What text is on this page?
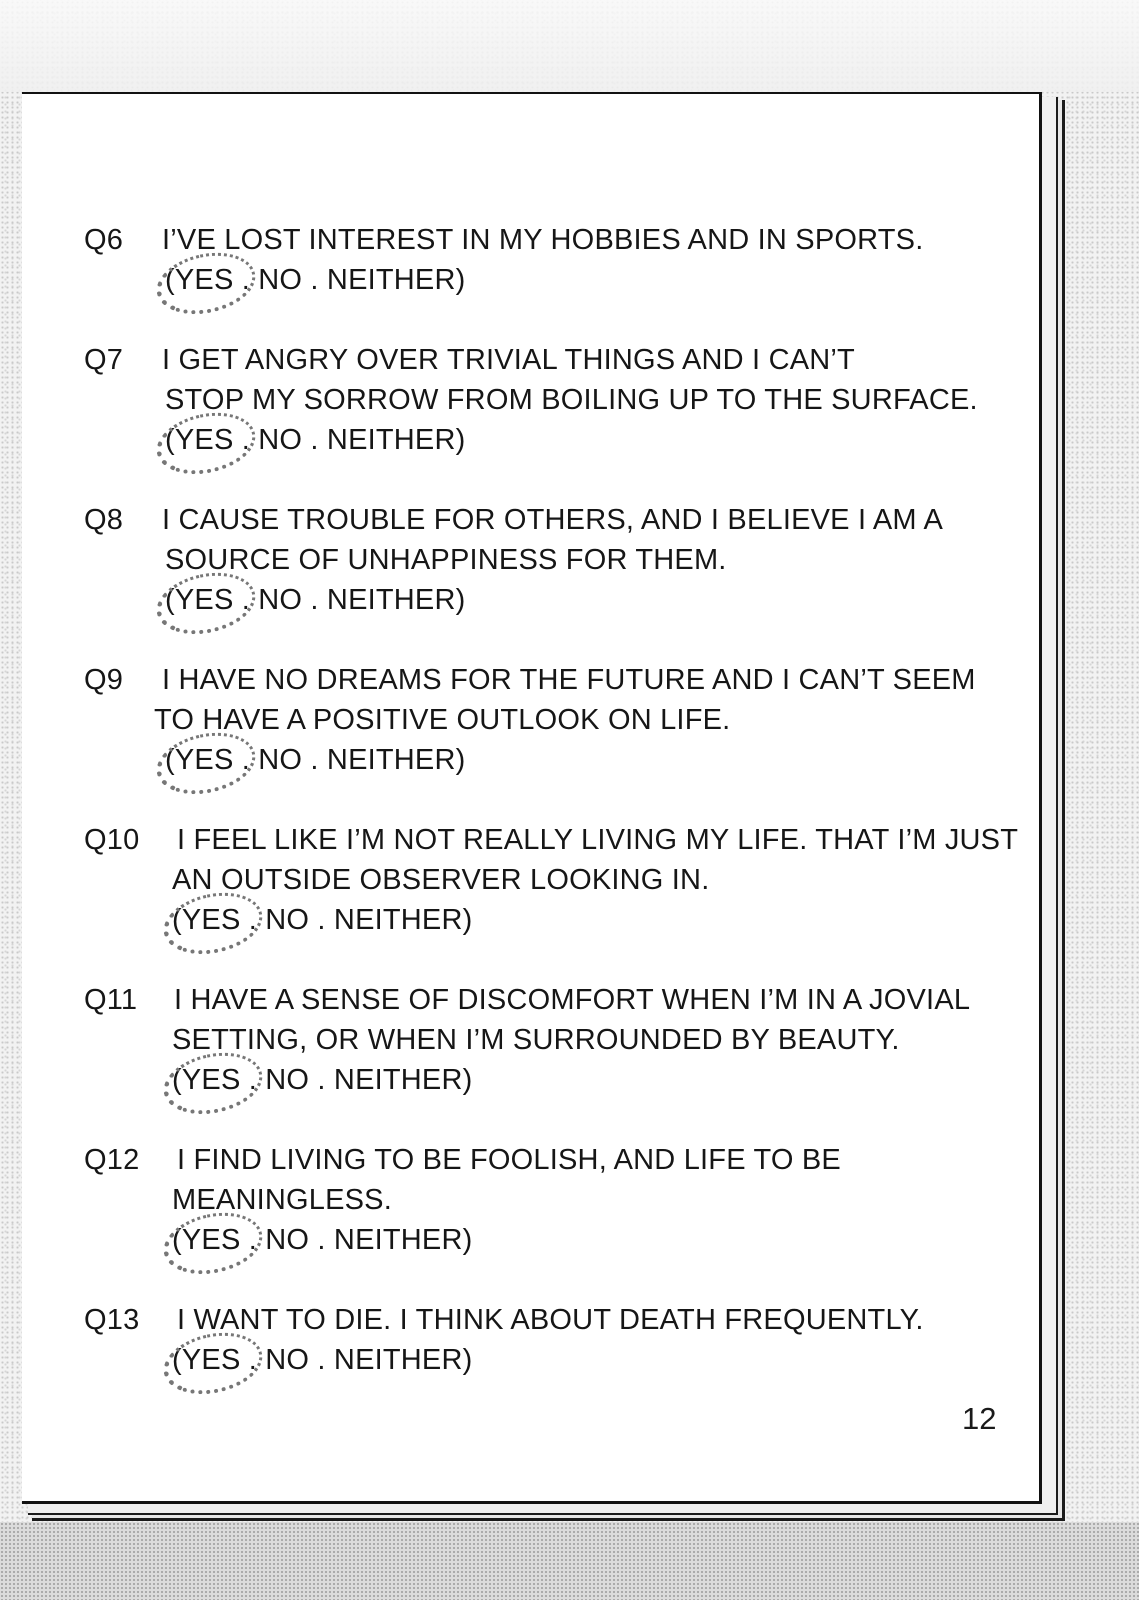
Q6 I’VE LOST INTEREST IN MY HOBBIES AND IN SPORTS.
(YES . NO . NEITHER)
Q7 I GET ANGRY OVER TRIVIAL THINGS AND I CAN’T
STOP MY SORROW FROM BOILING UP TO THE SURFACE.
(YES . NO . NEITHER)
Q8 I CAUSE TROUBLE FOR OTHERS, AND I BELIEVE I AM A
SOURCE OF UNHAPPINESS FOR THEM.
(YES . NO . NEITHER)
Q9 I HAVE NO DREAMS FOR THE FUTURE AND I CAN’T SEEM
TO HAVE A POSITIVE OUTLOOK ON LIFE.
(YES . NO . NEITHER)
Q10 I FEEL LIKE I’M NOT REALLY LIVING MY LIFE. THAT I’M JUST
AN OUTSIDE OBSERVER LOOKING IN.
(YES . NO . NEITHER)
Q11 I HAVE A SENSE OF DISCOMFORT WHEN I’M IN A JOVIAL
SETTING, OR WHEN I’M SURROUNDED BY BEAUTY.
(YES . NO . NEITHER)
Q12 I FIND LIVING TO BE FOOLISH, AND LIFE TO BE
MEANINGLESS.
(YES . NO . NEITHER)
Q13 I WANT TO DIE. I THINK ABOUT DEATH FREQUENTLY.
(YES . NO . NEITHER)
12
